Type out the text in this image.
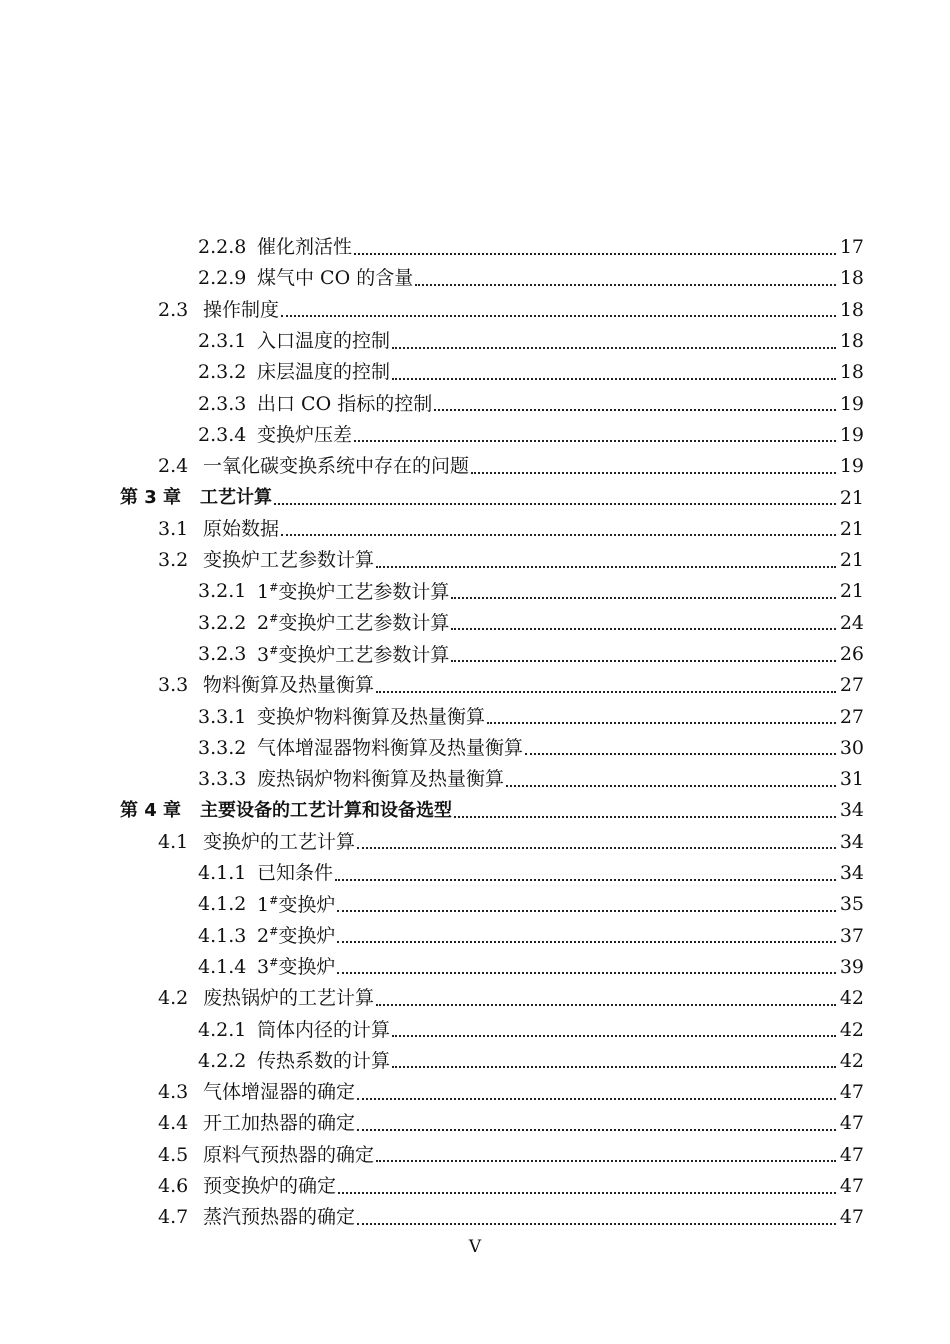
2.2.8 催化剂活性	17
2.2.9 煤气中 CO 的含量	18
2.3 操作制度	18
2.3.1 入口温度的控制	18
2.3.2 床层温度的控制	18
2.3.3 出口 CO 指标的控制	19
2.3.4 变换炉压差	19
2.4 一氧化碳变换系统中存在的问题	19
第 3 章	工艺计算	21
3.1 原始数据	21
3.2 变换炉工艺参数计算	21
3.2.1 1#变换炉工艺参数计算	21
3.2.2 2#变换炉工艺参数计算	24
3.2.3 3#变换炉工艺参数计算	26
3.3 物料衡算及热量衡算	27
3.3.1 变换炉物料衡算及热量衡算	27
3.3.2 气体增湿器物料衡算及热量衡算	30
3.3.3 废热锅炉物料衡算及热量衡算	31
第 4 章	主要设备的工艺计算和设备选型	34
4.1 变换炉的工艺计算	34
4.1.1 已知条件	34
4.1.2 1#变换炉	35
4.1.3 2#变换炉	37
4.1.4 3#变换炉	39
4.2 废热锅炉的工艺计算	42
4.2.1 筒体内径的计算	42
4.2.2 传热系数的计算	42
4.3 气体增湿器的确定	47
4.4 开工加热器的确定	47
4.5 原料气预热器的确定	47
4.6 预变换炉的确定	47
4.7 蒸汽预热器的确定	47
V
